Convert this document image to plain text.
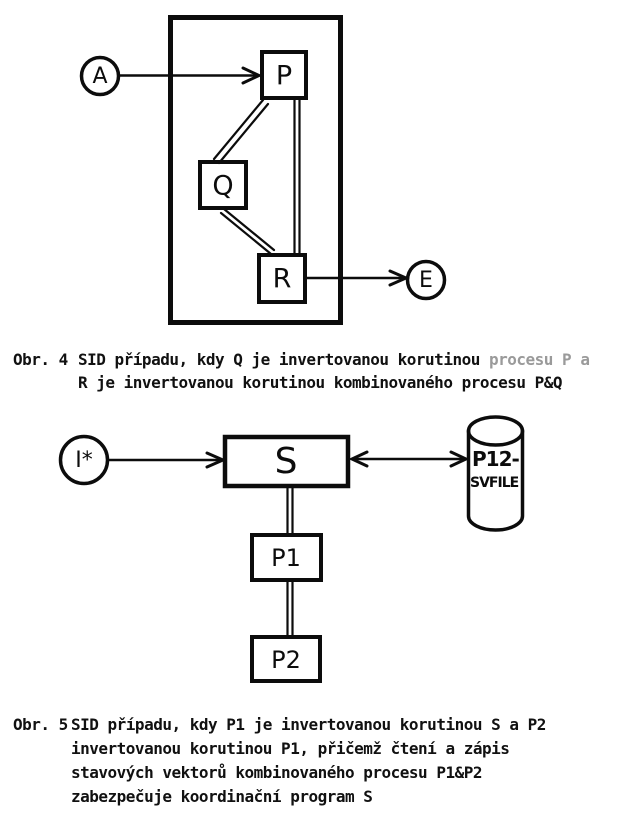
A	P
Q
R	E
I*	S
P1
P2
P12-
SVFILE
Obr. 4 SID případu, kdy Q je invertovanou korutinou procesu P a
R je invertovanou korutinou kombinovaného procesu P&Q
Obr. 5 SID případu, kdy P1 je invertovanou korutinou S a P2
invertovanou korutinou P1, přičemž čtení a zápis
stavových vektorů kombinovaného procesu P1&P2
zabezpečuje koordinační program S
